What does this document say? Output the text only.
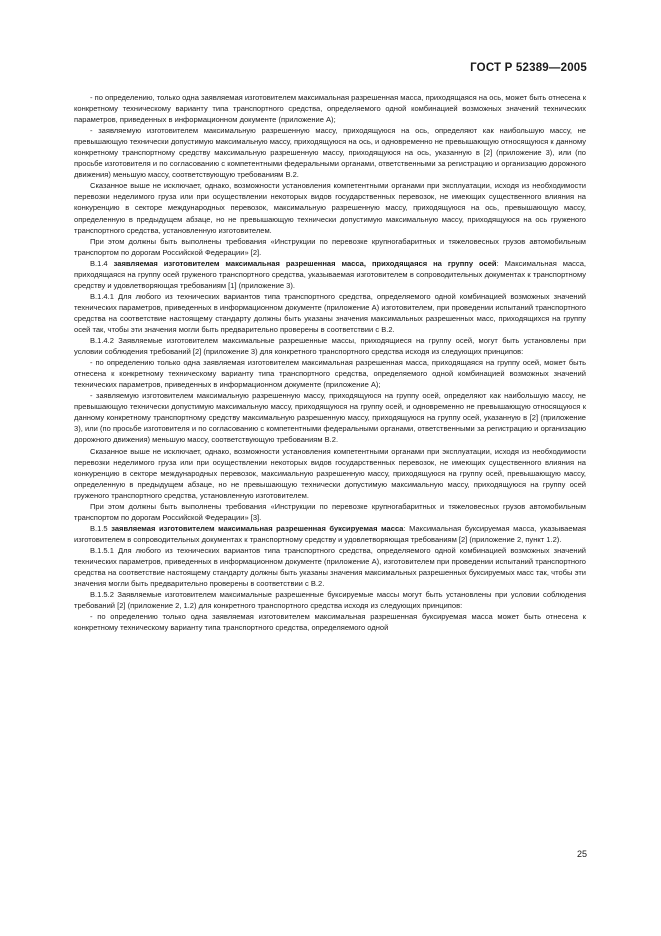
ГОСТ Р 52389—2005

- по определению, только одна заявляемая изготовителем максимальная разрешенная масса, приходящаяся на ось, может быть отнесена к конкретному техническому варианту типа транспортного средства, определяемого одной комбинацией возможных значений технических параметров, приведенных в информационном документе (приложение А);

- заявляемую изготовителем максимальную разрешенную массу, приходящуюся на ось, определяют как наибольшую массу, не превышающую технически допустимую максимальную массу, приходящуюся на ось, и одновременно не превышающую относящуюся к данному конкретному транспортному средству максимальную разрешенную массу, приходящуюся на ось, указанную в [2] (приложение 3), или (по просьбе изготовителя и по согласованию с компетентными федеральными органами, ответственными за регистрацию и организацию дорожного движения) меньшую массу, соответствующую требованиям В.2.

Сказанное выше не исключает, однако, возможности установления компетентными органами при эксплуатации, исходя из необходимости перевозки неделимого груза или при осуществлении некоторых видов государственных перевозок, не имеющих существенного влияния на конкуренцию в секторе международных перевозок, максимальную разрешенную массу, приходящуюся на ось, превышающую массу, определенную в предыдущем абзаце, но не превышающую технически допустимую максимальную массу, приходящуюся на ось груженого транспортного средства, установленную изготовителем.

При этом должны быть выполнены требования «Инструкции по перевозке крупногабаритных и тяжеловесных грузов автомобильным транспортом по дорогам Российской Федерации» [2].

В.1.4 заявляемая изготовителем максимальная разрешенная масса, приходящаяся на группу осей: Максимальная масса, приходящаяся на группу осей груженого транспортного средства, указываемая изготовителем в сопроводительных документах к транспортному средству и удовлетворяющая требованиям [1] (приложение 3).

В.1.4.1 Для любого из технических вариантов типа транспортного средства, определяемого одной комбинацией возможных значений технических параметров, приведенных в информационном документе (приложение А) изготовителем, при проведении испытаний транспортного средства на соответствие настоящему стандарту должны быть указаны значения максимальных разрешенных масс, приходящихся на группу осей так, чтобы эти значения могли быть предварительно проверены в соответствии с В.2.

В.1.4.2 Заявляемые изготовителем максимальные разрешенные массы, приходящиеся на группу осей, могут быть установлены при условии соблюдения требований [2] (приложение 3) для конкретного транспортного средства исходя из следующих принципов:

- по определению только одна заявляемая изготовителем максимальная разрешенная масса, приходящаяся на группу осей, может быть отнесена к конкретному техническому варианту типа транспортного средства, определяемого одной комбинацией возможных значений технических параметров, приведенных в информационном документе (приложение А);

- заявляемую изготовителем максимальную разрешенную массу, приходящуюся на группу осей, определяют как наибольшую массу, не превышающую технически допустимую максимальную массу, приходящуюся на группу осей, и одновременно не превышающую относящуюся к данному конкретному транспортному средству максимальную разрешенную массу, приходящуюся на группу осей, указанную в [2] (приложение 3), или (по просьбе изготовителя и по согласованию с компетентными федеральными органами, ответственными за регистрацию и организацию дорожного движения) меньшую массу, соответствующую требованиям В.2.

Сказанное выше не исключает, однако, возможности установления компетентными органами при эксплуатации, исходя из необходимости перевозки неделимого груза или при осуществлении некоторых видов государственных перевозок, не имеющих существенного влияния на конкуренцию в секторе международных перевозок, максимальную разрешенную массу, приходящуюся на группу осей, превышающую массу, определенную в предыдущем абзаце, но не превышающую технически допустимую максимальную массу, приходящуюся на группу осей груженого транспортного средства, установленную изготовителем.

При этом должны быть выполнены требования «Инструкции по перевозке крупногабаритных и тяжеловесных грузов автомобильным транспортом по дорогам Российской Федерации» [3].

В.1.5 заявляемая изготовителем максимальная разрешенная буксируемая масса: Максимальная буксируемая масса, указываемая изготовителем в сопроводительных документах к транспортному средству и удовлетворяющая требованиям [2] (приложение 2, пункт 1.2).

В.1.5.1 Для любого из технических вариантов типа транспортного средства, определяемого одной комбинацией возможных значений технических параметров, приведенных в информационном документе (приложение А), изготовителем при проведении испытаний транспортного средства на соответствие настоящему стандарту должны быть указаны значения максимальных разрешенных буксируемых масс так, чтобы эти значения могли быть предварительно проверены в соответствии с В.2.

В.1.5.2 Заявляемые изготовителем максимальные разрешенные буксируемые массы могут быть установлены при условии соблюдения требований [2] (приложение 2, 1.2) для конкретного транспортного средства исходя из следующих принципов:

- по определению только одна заявляемая изготовителем максимальная разрешенная буксируемая масса может быть отнесена к конкретному техническому варианту типа транспортного средства, определяемого одной

25
